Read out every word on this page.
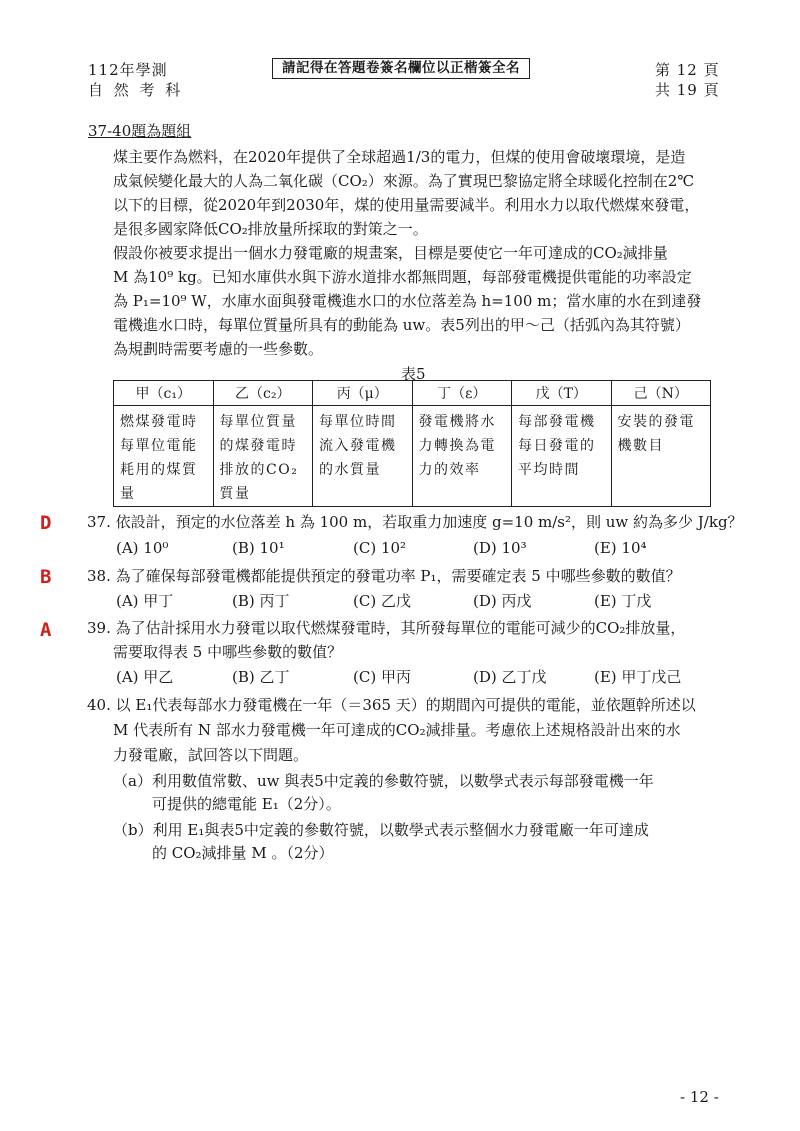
112年學測
自 然 考 科
請記得在答題卷簽名欄位以正楷簽全名	第 12 頁
共 19 頁
37-40題為題組
煤主要作為燃料，在2020年提供了全球超過1/3的電力，但煤的使用會破壞環境，是造
成氣候變化最大的人為二氧化碳（CO₂）來源。為了實現巴黎協定將全球暖化控制在2℃
以下的目標，從2020年到2030年，煤的使用量需要減半。利用水力以取代燃煤來發電，
是很多國家降低CO₂排放量所採取的對策之一。
假設你被要求提出一個水力發電廠的規畫案，目標是要使它一年可達成的CO₂減排量
M 為10⁹ kg。已知水庫供水與下游水道排水都無問題，每部發電機提供電能的功率設定
為 P₁=10⁹ W，水庫水面與發電機進水口的水位落差為 h=100 m；當水庫的水在到達發
電機進水口時，每單位質量所具有的動能為 uw。表5列出的甲～己（括弧內為其符號）
為規劃時需要考慮的一些參數。
表5
甲（c₁）	乙（c₂）	丙（μ）	丁（ε）	戊（T）	己（N）
燃煤發電時每單位電能耗用的煤質量	每單位質量的煤發電時排放的CO₂質量	每單位時間流入發電機的水質量	發電機將水力轉換為電力的效率	每部發電機每日發電的平均時間	安裝的發電機數目
D 37. 依設計，預定的水位落差 h 為 100 m，若取重力加速度 g=10 m/s²，則 uw 約為多少 J/kg？
(A) 10⁰	(B) 10¹	(C) 10²	(D) 10³	(E) 10⁴
B 38. 為了確保每部發電機都能提供預定的發電功率 P₁，需要確定表 5 中哪些參數的數值？
(A) 甲丁	(B) 丙丁	(C) 乙戊	(D) 丙戊	(E) 丁戊
A 39. 為了估計採用水力發電以取代燃煤發電時，其所發每單位的電能可減少的CO₂排放量，
需要取得表 5 中哪些參數的數值？
(A) 甲乙	(B) 乙丁	(C) 甲丙	(D) 乙丁戊	(E) 甲丁戊己
40. 以 E₁代表每部水力發電機在一年（＝365 天）的期間內可提供的電能，並依題幹所述以
M 代表所有 N 部水力發電機一年可達成的CO₂減排量。考慮依上述規格設計出來的水
力發電廠，試回答以下問題。
（a）利用數值常數、uw 與表5中定義的參數符號，以數學式表示每部發電機一年
可提供的總電能 E₁（2分）。
（b）利用 E₁與表5中定義的參數符號，以數學式表示整個水力發電廠一年可達成
的 CO₂減排量 M 。（2分）
- 12 -
